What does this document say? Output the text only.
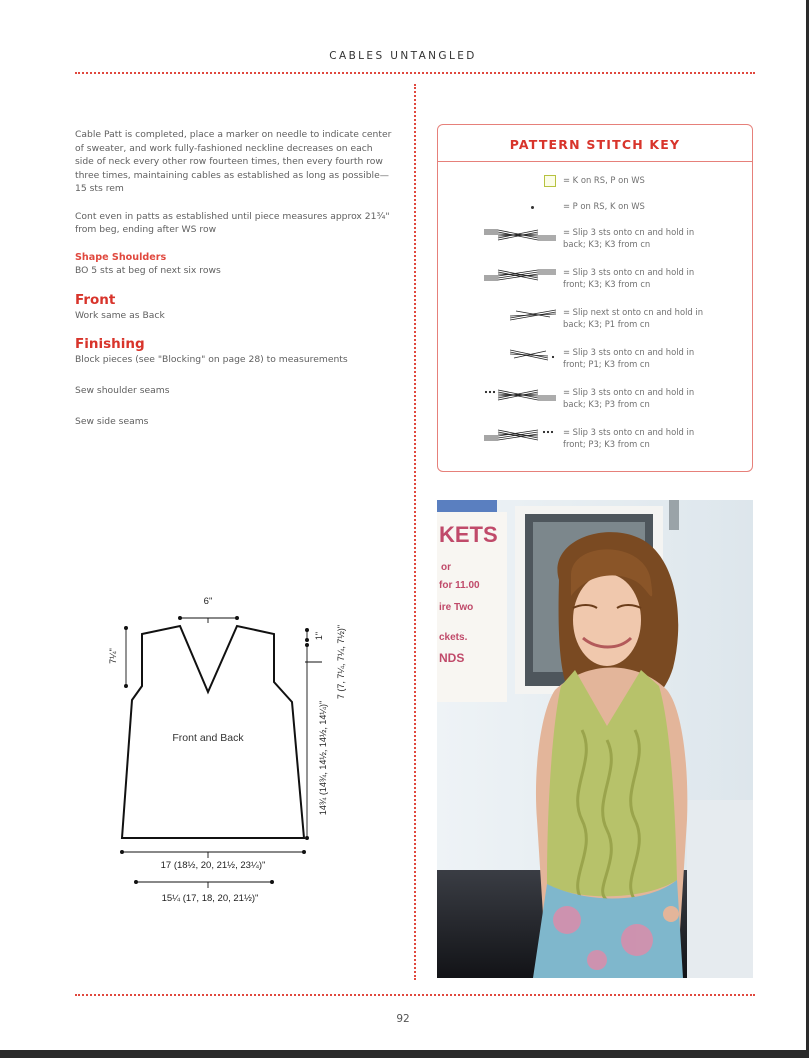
CABLES UNTANGLED

Cable Patt is completed, place a marker on needle to indicate center of sweater, and work fully-fashioned neckline decreases on each side of neck every other row fourteen times, then every fourth row three times, maintaining cables as established as long as possible— 15 sts rem

Cont even in patts as established until piece measures approx 21¾" from beg, ending after WS row

Shape Shoulders

BO 5 sts at beg of next six rows

Front

Work same as Back

Finishing

Block pieces (see "Blocking" on page 28) to measurements

Sew shoulder seams

Sew side seams

PATTERN STITCH KEY
= K on RS, P on WS
= P on RS, K on WS
= Slip 3 sts onto cn and hold in back; K3; K3 from cn
= Slip 3 sts onto cn and hold in front; K3; K3 from cn
= Slip next st onto cn and hold in back; K3; P1 from cn
= Slip 3 sts onto cn and hold in front; P1; K3 from cn
= Slip 3 sts onto cn and hold in back; K3; P3 from cn
= Slip 3 sts onto cn and hold in front; P3; K3 from cn
Front and Back
6"
7¼"
1" 7 (7, 7¼, 7¼, 7½)"
14¾ (14¾, 14½, 14½, 14¼)"
17 (18½, 20, 21½, 23¼)"
15¼ (17, 18, 20, 21½)"
KETS
or
for 11.00
ire Two
ckets.
NDS
92
